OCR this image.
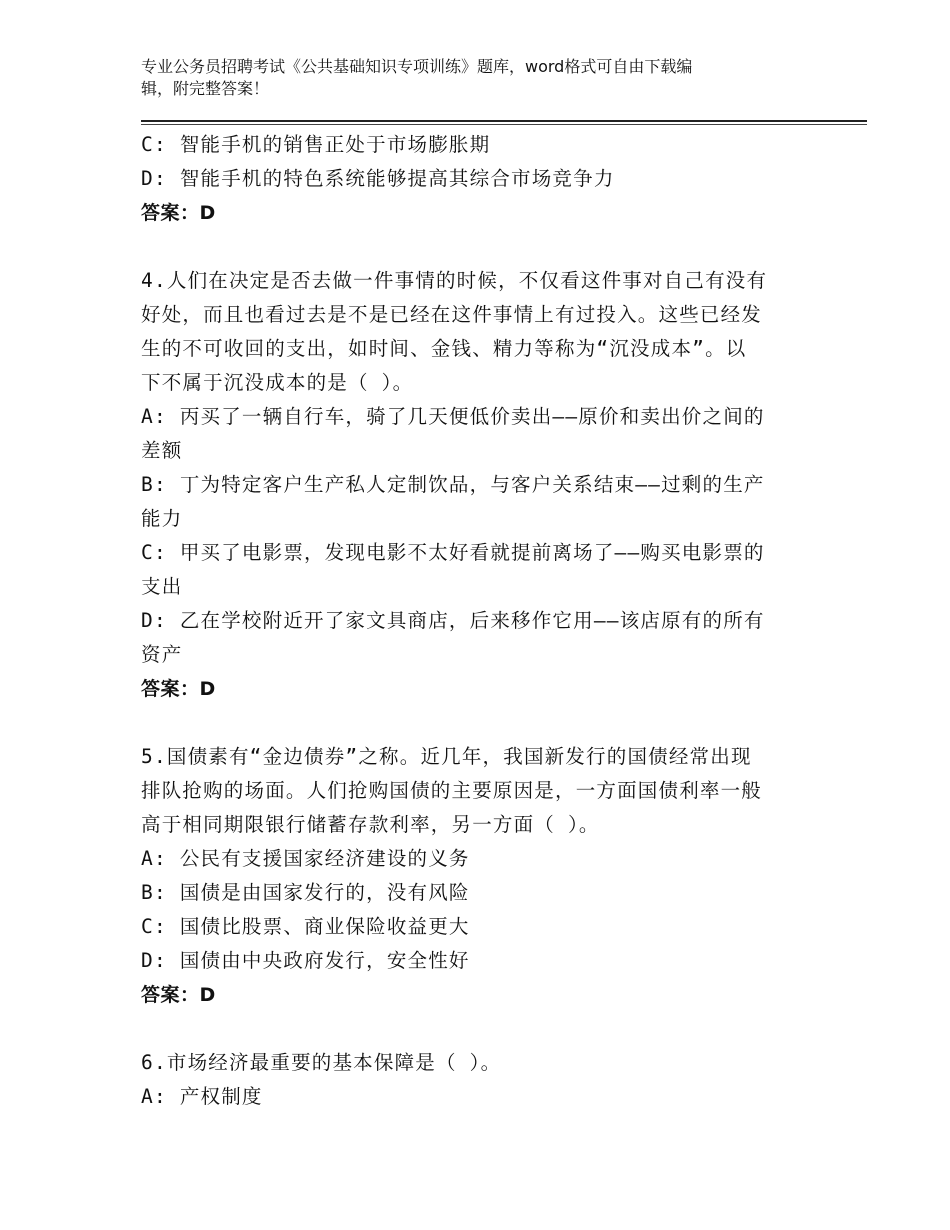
专业公务员招聘考试《公共基础知识专项训练》题库，word格式可自由下载编
辑，附完整答案！
C: 智能手机的销售正处于市场膨胀期
D: 智能手机的特色系统能够提高其综合市场竞争力
答案：D
4.人们在决定是否去做一件事情的时候，不仅看这件事对自己有没有
好处，而且也看过去是不是已经在这件事情上有过投入。这些已经发
生的不可收回的支出，如时间、金钱、精力等称为“沉没成本”。以
下不属于沉没成本的是（ ）。
A: 丙买了一辆自行车，骑了几天便低价卖出——原价和卖出价之间的
差额
B: 丁为特定客户生产私人定制饮品，与客户关系结束——过剩的生产
能力
C: 甲买了电影票，发现电影不太好看就提前离场了——购买电影票的
支出
D: 乙在学校附近开了家文具商店，后来移作它用——该店原有的所有
资产
答案：D
5.国债素有“金边债券”之称。近几年，我国新发行的国债经常出现
排队抢购的场面。人们抢购国债的主要原因是，一方面国债利率一般
高于相同期限银行储蓄存款利率，另一方面（ ）。
A: 公民有支援国家经济建设的义务
B: 国债是由国家发行的，没有风险
C: 国债比股票、商业保险收益更大
D: 国债由中央政府发行，安全性好
答案：D
6.市场经济最重要的基本保障是（ ）。
A: 产权制度
